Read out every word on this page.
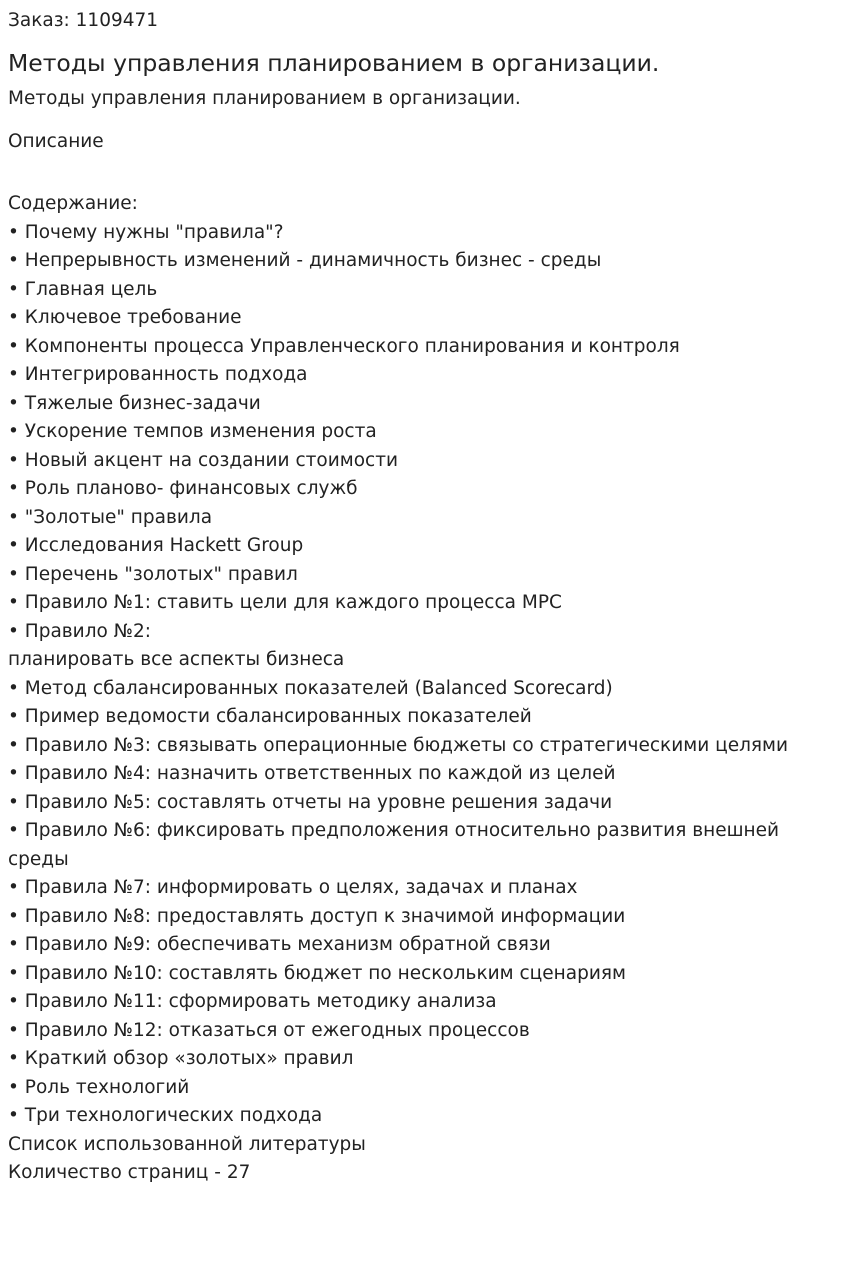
Заказ: 1109471
Методы управления планированием в организации.
Методы управления планированием в организации.
Описание
Содержание:
• Почему нужны "правила"?
• Непрерывность изменений - динамичность бизнес - среды
• Главная цель
• Ключевое требование
• Компоненты процесса Управленческого планирования и контроля
• Интегрированность подхода
• Тяжелые бизнес-задачи
• Ускорение темпов изменения роста
• Новый акцент на создании стоимости
• Роль планово- финансовых служб
• "Золотые" правила
• Исследования Hackett Group
• Перечень "золотых" правил
• Правило №1: ставить цели для каждого процесса МРС
• Правило №2:
планировать все аспекты бизнеса
• Метод сбалансированных показателей (Balanced Scorecard)
• Пример ведомости сбалансированных показателей
• Правило №3: связывать операционные бюджеты со стратегическими целями
• Правило №4: назначить ответственных по каждой из целей
• Правило №5: составлять отчеты на уровне решения задачи
• Правило №6: фиксировать предположения относительно развития внешней среды
• Правила №7: информировать о целях, задачах и планах
• Правило №8: предоставлять доступ к значимой информации
• Правило №9: обеспечивать механизм обратной связи
• Правило №10: составлять бюджет по нескольким сценариям
• Правило №11: сформировать методику анализа
• Правило №12: отказаться от ежегодных процессов
• Краткий обзор «золотых» правил
• Роль технологий
• Три технологических подхода
Список использованной литературы
Количество страниц - 27
